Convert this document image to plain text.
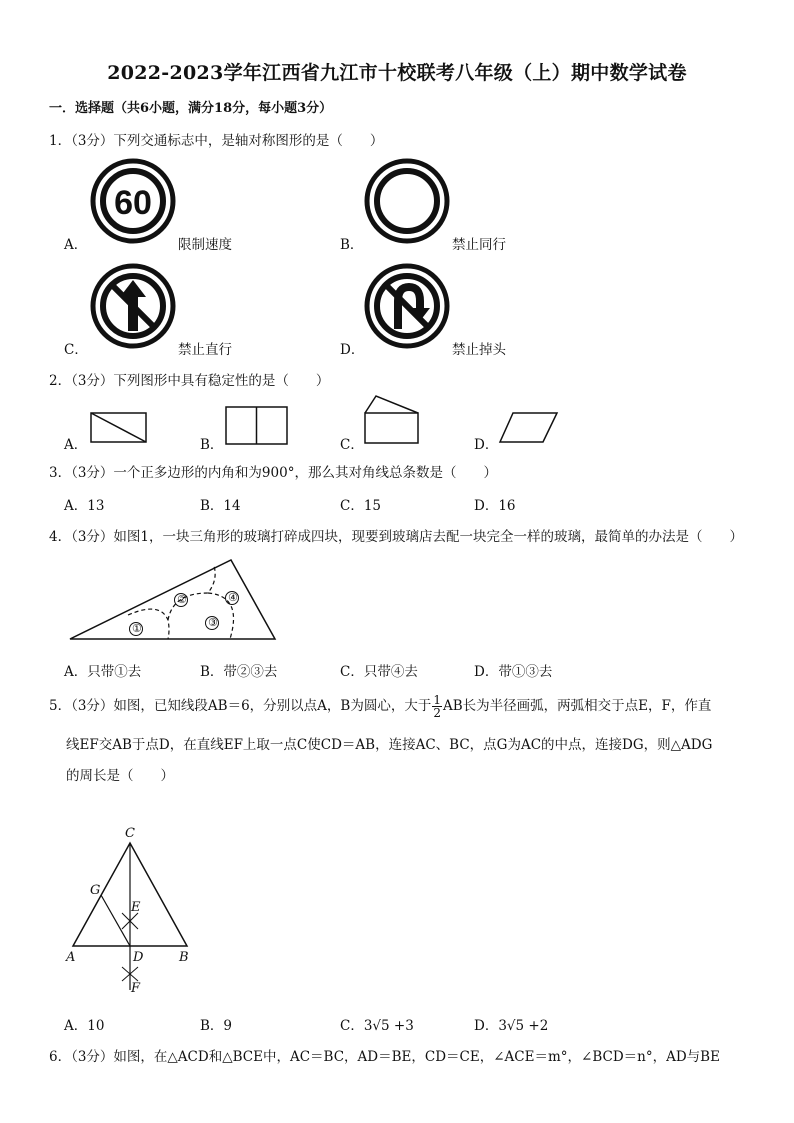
2022-2023学年江西省九江市十校联考八年级（上）期中数学试卷
一．选择题（共6小题，满分18分，每小题3分）
1．（3分）下列交通标志中，是轴对称图形的是（　　）
A．
60
限制速度	B．	禁止同行
C．	禁止直行	D．	禁止掉头
2．（3分）下列图形中具有稳定性的是（　　）
A．	B．	C．	D．
3．（3分）一个正多边形的内角和为900°，那么其对角线总条数是（　　）
A．13	B．14	C．15	D．16
4．（3分）如图1，一块三角形的玻璃打碎成四块，现要到玻璃店去配一块完全一样的玻璃，最简单的办法是（　　）
①
②
③
④
A．只带①去	B．带②③去	C．只带④去	D．带①③去
5．（3分）如图，已知线段AB＝6，分别以点A，B为圆心，大于 $\frac{1}{2}$ AB长为半径画弧，两弧相交于点E，F，作直
线EF交AB于点D，在直线EF上取一点C使CD＝AB，连接AC、BC，点G为AC的中点，连接DG，则△ADG
的周长是（　　）
C
G
E
A	D	B
F
A．10	B．9	C．3√5 +3	D．3√5 +2
6．（3分）如图，在△ACD和△BCE中，AC＝BC，AD＝BE，CD＝CE，∠ACE＝m°，∠BCD＝n°，AD与BE
